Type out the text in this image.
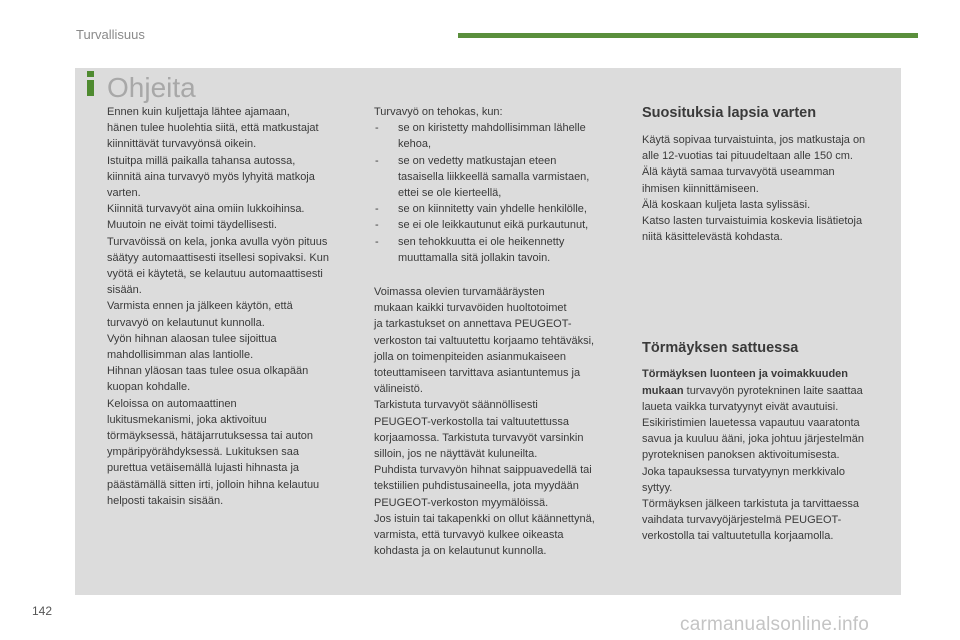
Turvallisuus
Ohjeita

Ennen kuin kuljettaja lähtee ajamaan,

hänen tulee huolehtia siitä, että matkustajat

kiinnittävät turvavyönsä oikein.

Istuitpa millä paikalla tahansa autossa,

kiinnitä aina turvavyö myös lyhyitä matkoja

varten.

Kiinnitä turvavyöt aina omiin lukkoihinsa.

Muutoin ne eivät toimi täydellisesti.

Turvavöissä on kela, jonka avulla vyön pituus

säätyy automaattisesti itsellesi sopivaksi. Kun

vyötä ei käytetä, se kelautuu automaattisesti

sisään.

Varmista ennen ja jälkeen käytön, että

turvavyö on kelautunut kunnolla.

Vyön hihnan alaosan tulee sijoittua

mahdollisimman alas lantiolle.

Hihnan yläosan taas tulee osua olkapään

kuopan kohdalle.

Keloissa on automaattinen

lukitusmekanismi, joka aktivoituu

törmäyksessä, hätäjarrutuksessa tai auton

ympäripyörähdyksessä. Lukituksen saa

purettua vetäisemällä lujasti hihnasta ja

päästämällä sitten irti, jolloin hihna kelautuu

helposti takaisin sisään.

Turvavyö on tehokas, kun:

- se on kiristetty mahdollisimman lähelle

kehoa,

- se on vedetty matkustajan eteen

tasaisella liikkeellä samalla varmistaen,

ettei se ole kierteellä,

- se on kiinnitetty vain yhdelle henkilölle,

- se ei ole leikkautunut eikä purkautunut,

- sen tehokkuutta ei ole heikennetty

muuttamalla sitä jollakin tavoin.

Voimassa olevien turvamääräysten

mukaan kaikki turvavöiden huoltotoimet

ja tarkastukset on annettava PEUGEOT-

verkoston tai valtuutettu korjaamo tehtäväksi,

jolla on toimenpiteiden asianmukaiseen

toteuttamiseen tarvittava asiantuntemus ja

välineistö.

Tarkistuta turvavyöt säännöllisesti

PEUGEOT-verkostolla tai valtuutettussa

korjaamossa. Tarkistuta turvavyöt varsinkin

silloin, jos ne näyttävät kuluneilta.

Puhdista turvavyön hihnat saippuavedellä tai

tekstiilien puhdistusaineella, jota myydään

PEUGEOT-verkoston myymälöissä.

Jos istuin tai takapenkki on ollut käännettynä,

varmista, että turvavyö kulkee oikeasta

kohdasta ja on kelautunut kunnolla.

Suosituksia lapsia varten

Käytä sopivaa turvaistuinta, jos matkustaja on

alle 12-vuotias tai pituudeltaan alle 150 cm.

Älä käytä samaa turvavyötä useamman

ihmisen kiinnittämiseen.

Älä koskaan kuljeta lasta sylissäsi.

Katso lasten turvaistuimia koskevia lisätietoja

niitä käsittelevästä kohdasta.

Törmäyksen sattuessa

Törmäyksen luonteen ja voimakkuuden

mukaan turvavyön pyrotekninen laite saattaa

laueta vaikka turvatyynyt eivät avautuisi.

Esikiristimien lauetessa vapautuu vaaratonta

savua ja kuuluu ääni, joka johtuu järjestelmän

pyroteknisen panoksen aktivoitumisesta.

Joka tapauksessa turvatyynyn merkkivalo

syttyy.

Törmäyksen jälkeen tarkistuta ja tarvittaessa

vaihdata turvavyöjärjestelmä PEUGEOT-

verkostolla tai valtuutetulla korjaamolla.

142
carmanualsonline.info
